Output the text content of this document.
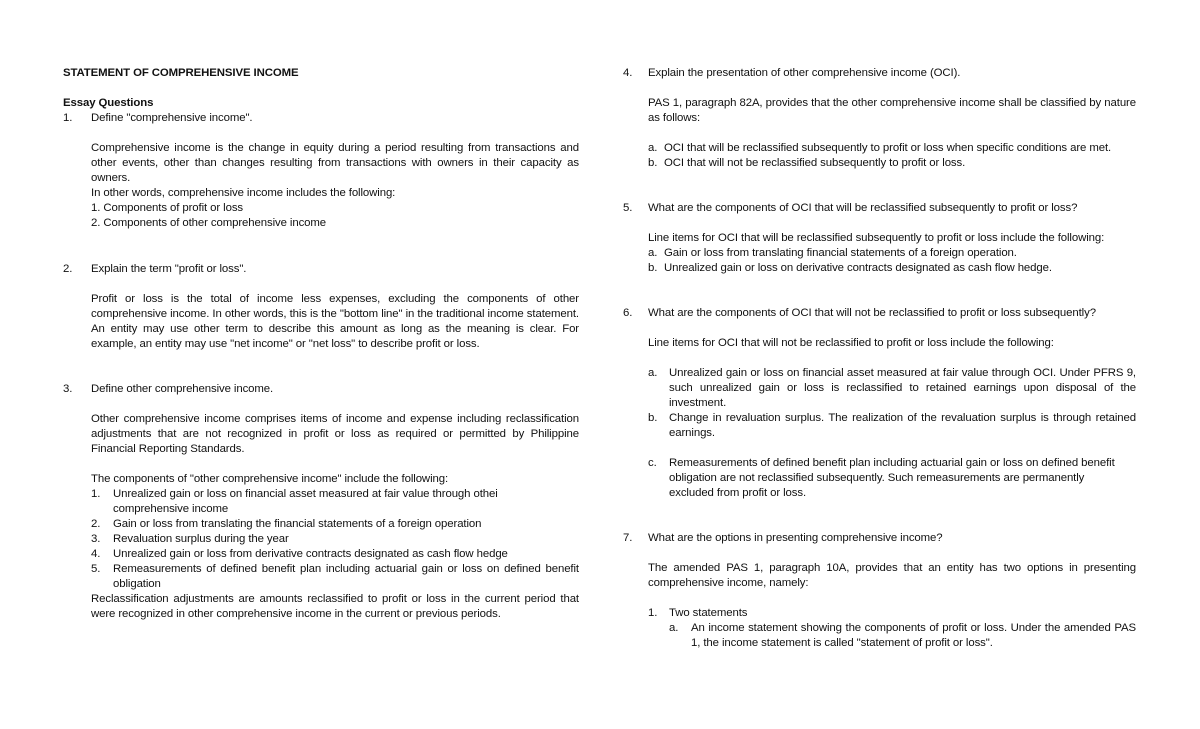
STATEMENT OF COMPREHENSIVE INCOME
Essay Questions
1. Define "comprehensive income".
Comprehensive income is the change in equity during a period resulting from transactions and other events, other than changes resulting from transactions with owners in their capacity as owners.
In other words, comprehensive income includes the following:
1. Components of profit or loss
2. Components of other comprehensive income
2. Explain the term "profit or loss".
Profit or loss is the total of income less expenses, excluding the components of other comprehensive income. In other words, this is the "bottom line" in the traditional income statement. An entity may use other term to describe this amount as long as the meaning is clear. For example, an entity may use "net income" or "net loss" to describe profit or loss.
3. Define other comprehensive income.
Other comprehensive income comprises items of income and expense including reclassification adjustments that are not recognized in profit or loss as required or permitted by Philippine Financial Reporting Standards.
The components of "other comprehensive income" include the following:
1. Unrealized gain or loss on financial asset measured at fair value through othei comprehensive income
2. Gain or loss from translating the financial statements of a foreign operation
3. Revaluation surplus during the year
4. Unrealized gain or loss from derivative contracts designated as cash flow hedge
5. Remeasurements of defined benefit plan including actuarial gain or loss on defined benefit obligation
Reclassification adjustments are amounts reclassified to profit or loss in the current period that were recognized in other comprehensive income in the current or previous periods.
4. Explain the presentation of other comprehensive income (OCI).
PAS 1, paragraph 82A, provides that the other comprehensive income shall be classified by nature as follows:
a. OCI that will be reclassified subsequently to profit or loss when specific conditions are met.
b. OCI that will not be reclassified subsequently to profit or loss.
5. What are the components of OCI that will be reclassified subsequently to profit or loss?
Line items for OCI that will be reclassified subsequently to profit or loss include the following:
a. Gain or loss from translating financial statements of a foreign operation.
b. Unrealized gain or loss on derivative contracts designated as cash flow hedge.
6. What are the components of OCI that will not be reclassified to profit or loss subsequently?
Line items for OCI that will not be reclassified to profit or loss include the following:
a. Unrealized gain or loss on financial asset measured at fair value through OCI. Under PFRS 9, such unrealized gain or loss is reclassified to retained earnings upon disposal of the investment.
b. Change in revaluation surplus. The realization of the revaluation surplus is through retained earnings.
c. Remeasurements of defined benefit plan including actuarial gain or loss on defined benefit obligation are not reclassified subsequently. Such remeasurements are permanently excluded from profit or loss.
7. What are the options in presenting comprehensive income?
The amended PAS 1, paragraph 10A, provides that an entity has two options in presenting comprehensive income, namely:
1. Two statements
a. An income statement showing the components of profit or loss. Under the amended PAS 1, the income statement is called "statement of profit or loss".
